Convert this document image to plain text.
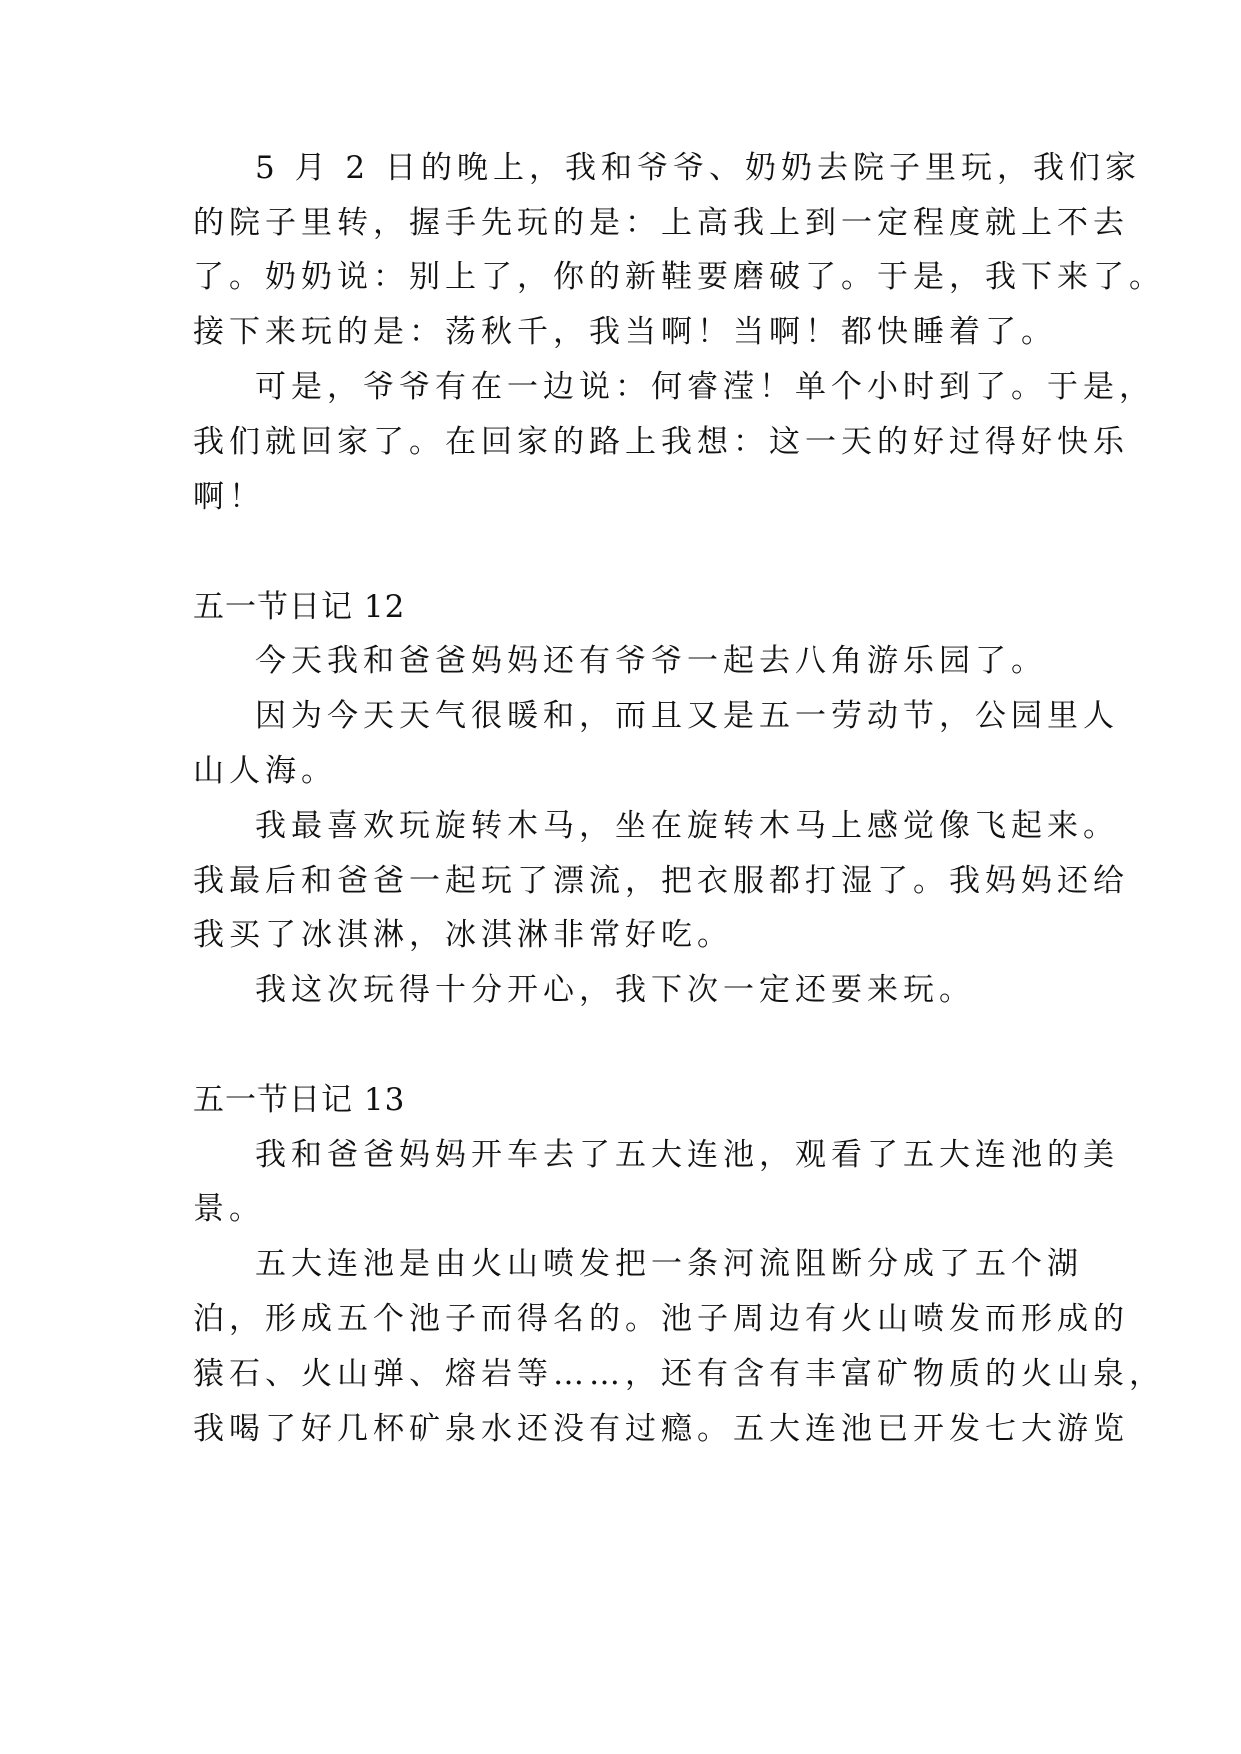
5 月 2 日的晚上，我和爷爷、奶奶去院子里玩，我们家
的院子里转，握手先玩的是：上高我上到一定程度就上不去
了。奶奶说：别上了，你的新鞋要磨破了。于是，我下来了。
接下来玩的是：荡秋千，我当啊！当啊！都快睡着了。
可是，爷爷有在一边说：何睿滢！单个小时到了。于是，
我们就回家了。在回家的路上我想：这一天的好过得好快乐
啊！
五一节日记 12
今天我和爸爸妈妈还有爷爷一起去八角游乐园了。
因为今天天气很暖和，而且又是五一劳动节，公园里人
山人海。
我最喜欢玩旋转木马，坐在旋转木马上感觉像飞起来。
我最后和爸爸一起玩了漂流，把衣服都打湿了。我妈妈还给
我买了冰淇淋，冰淇淋非常好吃。
我这次玩得十分开心，我下次一定还要来玩。
五一节日记 13
我和爸爸妈妈开车去了五大连池，观看了五大连池的美
景。
五大连池是由火山喷发把一条河流阻断分成了五个湖
泊，形成五个池子而得名的。池子周边有火山喷发而形成的
猿石、火山弹、熔岩等……，还有含有丰富矿物质的火山泉，
我喝了好几杯矿泉水还没有过瘾。五大连池已开发七大游览
